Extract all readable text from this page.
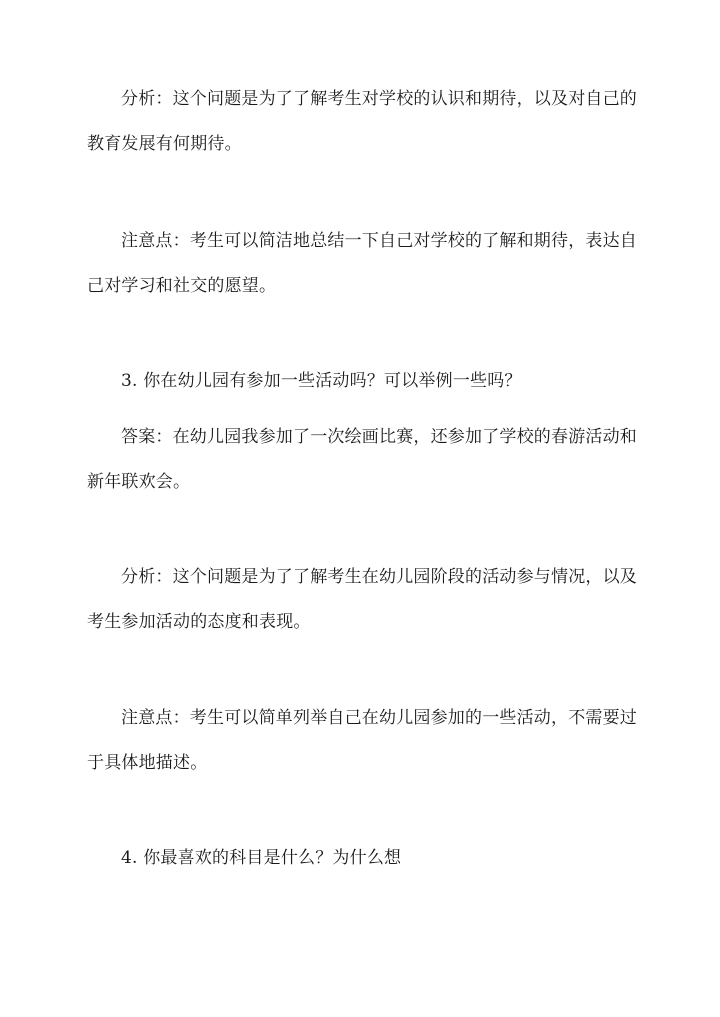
分析：这个问题是为了了解考生对学校的认识和期待，以及对自己的
教育发展有何期待。
注意点：考生可以简洁地总结一下自己对学校的了解和期待，表达自
己对学习和社交的愿望。
3. 你在幼儿园有参加一些活动吗？可以举例一些吗？
答案：在幼儿园我参加了一次绘画比赛，还参加了学校的春游活动和
新年联欢会。
分析：这个问题是为了了解考生在幼儿园阶段的活动参与情况，以及
考生参加活动的态度和表现。
注意点：考生可以简单列举自己在幼儿园参加的一些活动，不需要过
于具体地描述。
4. 你最喜欢的科目是什么？为什么想
